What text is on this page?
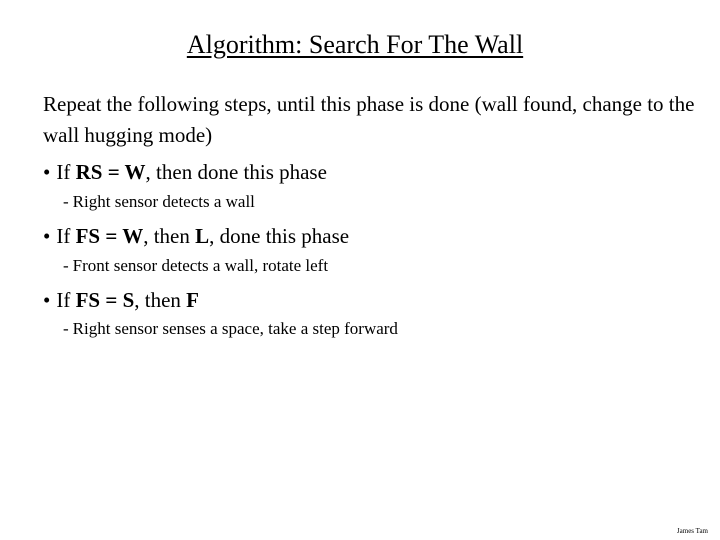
Algorithm: Search For The Wall
Repeat the following steps, until this phase is done (wall found, change to the wall hugging mode)
• If RS = W, then done this phase
- Right sensor detects a wall
• If FS = W, then L, done this phase
- Front sensor detects a wall, rotate left
• If FS = S, then F
- Right sensor senses a space, take a step forward
James Tam
